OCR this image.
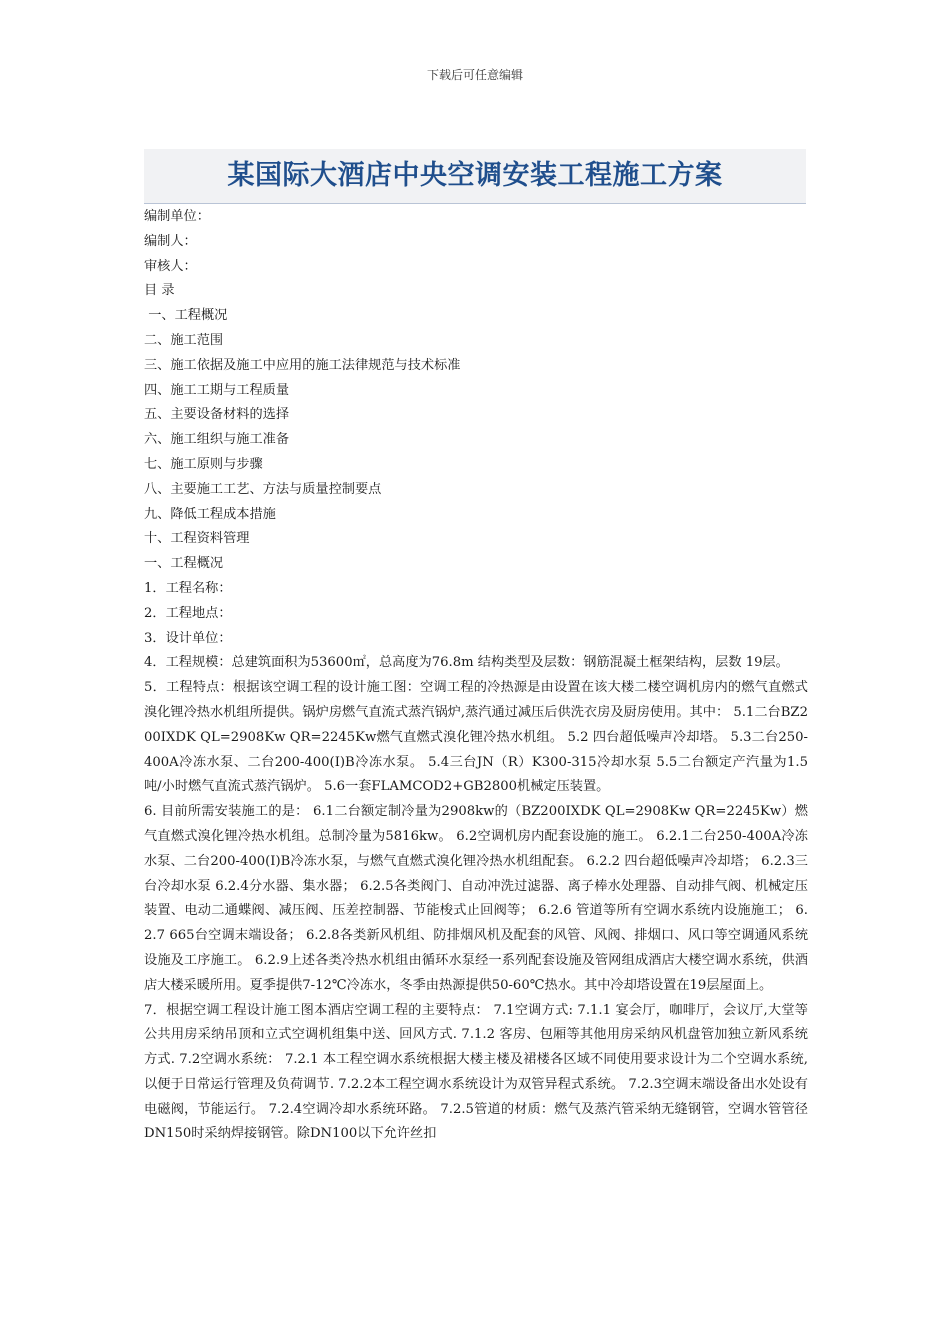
下载后可任意编辑
某国际大酒店中央空调安装工程施工方案
编制单位：
编制人：
审核人：
目 录
一、工程概况
二、施工范围
三、施工依据及施工中应用的施工法律规范与技术标准
四、施工工期与工程质量
五、主要设备材料的选择
六、施工组织与施工准备
七、施工原则与步骤
八、主要施工工艺、方法与质量控制要点
九、降低工程成本措施
十、工程资料管理
一、工程概况
1．工程名称：
2．工程地点：
3．设计单位：
4．工程规模：总建筑面积为53600㎡，总高度为76.8m 结构类型及层数：钢筋混凝土框架结构，层数 19层。
5．工程特点：根据该空调工程的设计施工图：空调工程的冷热源是由设置在该大楼二楼空调机房内的燃气直燃式溴化锂冷热水机组所提供。锅炉房燃气直流式蒸汽锅炉,蒸汽通过减压后供洗衣房及厨房使用。其中： 5.1二台BZ200IXDK QL=2908Kw QR=2245Kw燃气直燃式溴化锂冷热水机组。 5.2 四台超低噪声冷却塔。 5.3二台250-400A冷冻水泵、二台200-400(I)B冷冻水泵。 5.4三台JN（R）K300-315冷却水泵 5.5二台额定产汽量为1.5吨/小时燃气直流式蒸汽锅炉。 5.6一套FLAMCOD2+GB2800机械定压装置。
6. 目前所需安装施工的是： 6.1二台额定制冷量为2908kw的（BZ200IXDK QL=2908Kw QR=2245Kw）燃气直燃式溴化锂冷热水机组。总制冷量为5816kw。 6.2空调机房内配套设施的施工。 6.2.1二台250-400A冷冻水泵、二台200-400(I)B冷冻水泵，与燃气直燃式溴化锂冷热水机组配套。 6.2.2 四台超低噪声冷却塔； 6.2.3三台冷却水泵 6.2.4分水器、集水器； 6.2.5各类阀门、自动冲洗过滤器、离子棒水处理器、自动排气阀、机械定压装置、电动二通蝶阀、减压阀、压差控制器、节能梭式止回阀等； 6.2.6 管道等所有空调水系统内设施施工； 6.2.7 665台空调末端设备； 6.2.8各类新风机组、防排烟风机及配套的风管、风阀、排烟口、风口等空调通风系统设施及工序施工。 6.2.9上述各类冷热水机组由循环水泵经一系列配套设施及管网组成酒店大楼空调水系统，供酒店大楼采暖所用。夏季提供7-12℃冷冻水，冬季由热源提供50-60℃热水。其中冷却塔设置在19层屋面上。
7．根据空调工程设计施工图本酒店空调工程的主要特点： 7.1空调方式: 7.1.1 宴会厅，咖啡厅，会议厅,大堂等公共用房采纳吊顶和立式空调机组集中送、回风方式. 7.1.2 客房、包厢等其他用房采纳风机盘管加独立新风系统方式. 7.2空调水系统： 7.2.1 本工程空调水系统根据大楼主楼及裙楼各区域不同使用要求设计为二个空调水系统,以便于日常运行管理及负荷调节. 7.2.2本工程空调水系统设计为双管异程式系统。 7.2.3空调末端设备出水处设有电磁阀，节能运行。 7.2.4空调冷却水系统环路。 7.2.5管道的材质：燃气及蒸汽管采纳无缝钢管，空调水管管径 DN150时采纳焊接钢管。除DN100以下允许丝扣
